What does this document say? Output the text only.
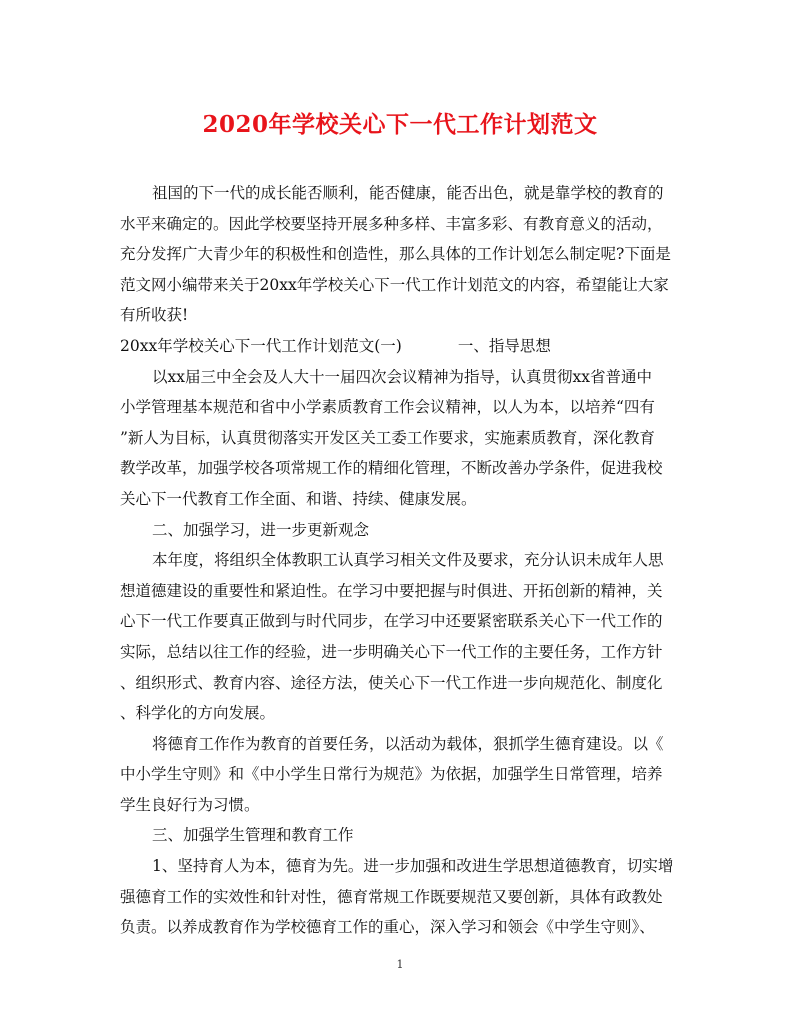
2020年学校关心下一代工作计划范文
祖国的下一代的成长能否顺利，能否健康，能否出色，就是靠学校的教育的
水平来确定的。因此学校要坚持开展多种多样、丰富多彩、有教育意义的活动，
充分发挥广大青少年的积极性和创造性，那么具体的工作计划怎么制定呢?下面是
范文网小编带来关于20xx年学校关心下一代工作计划范文的内容，希望能让大家
有所收获!
20xx年学校关心下一代工作计划范文(一)	一、指导思想
以xx届三中全会及人大十一届四次会议精神为指导，认真贯彻xx省普通中
小学管理基本规范和省中小学素质教育工作会议精神，以人为本，以培养“四有
”新人为目标，认真贯彻落实开发区关工委工作要求，实施素质教育，深化教育
教学改革，加强学校各项常规工作的精细化管理，不断改善办学条件，促进我校
关心下一代教育工作全面、和谐、持续、健康发展。
二、加强学习，进一步更新观念
本年度，将组织全体教职工认真学习相关文件及要求，充分认识未成年人思
想道德建设的重要性和紧迫性。在学习中要把握与时俱进、开拓创新的精神，关
心下一代工作要真正做到与时代同步，在学习中还要紧密联系关心下一代工作的
实际，总结以往工作的经验，进一步明确关心下一代工作的主要任务，工作方针
、组织形式、教育内容、途径方法，使关心下一代工作进一步向规范化、制度化
、科学化的方向发展。
将德育工作作为教育的首要任务，以活动为载体，狠抓学生德育建设。以《
中小学生守则》和《中小学生日常行为规范》为依据，加强学生日常管理，培养
学生良好行为习惯。
三、加强学生管理和教育工作
1、坚持育人为本，德育为先。进一步加强和改进生学思想道德教育，切实增
强德育工作的实效性和针对性，德育常规工作既要规范又要创新，具体有政教处
负责。以养成教育作为学校德育工作的重心，深入学习和领会《中学生守则》、
1
